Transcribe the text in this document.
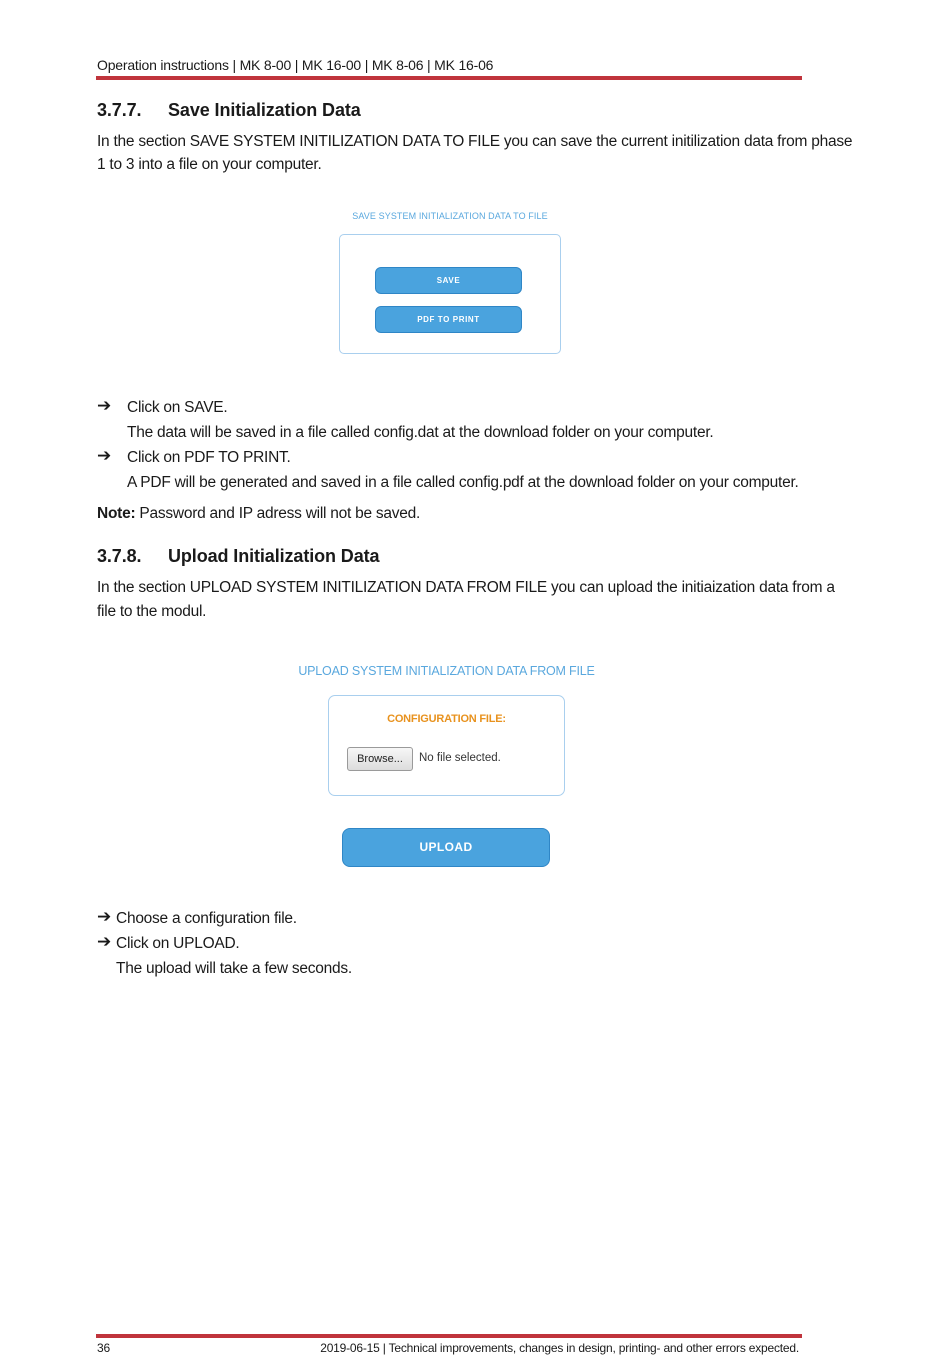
Operation instructions | MK 8-00 | MK 16-00 | MK 8-06 | MK 16-06
3.7.7. Save Initialization Data
In the section SAVE SYSTEM INITILIZATION DATA TO FILE you can save the current initilization data from phase
1 to 3 into a file on your computer.
SAVE SYSTEM INITIALIZATION DATA TO FILE
SAVE
PDF TO PRINT
➔ Click on SAVE.
The data will be saved in a file called config.dat at the download folder on your computer.
➔ Click on PDF TO PRINT.
A PDF will be generated and saved in a file called config.pdf at the download folder on your computer.
Note: Password and IP adress will not be saved.
3.7.8. Upload Initialization Data
In the section UPLOAD SYSTEM INITILIZATION DATA FROM FILE you can upload the initiaization data from a
file to the modul.
UPLOAD SYSTEM INITIALIZATION DATA FROM FILE
CONFIGURATION FILE:
Browse...	No file selected.
UPLOAD
➔ Choose a configuration file.
➔ Click on UPLOAD.
The upload will take a few seconds.
36	2019-06-15 | Technical improvements, changes in design, printing- and other errors expected.
